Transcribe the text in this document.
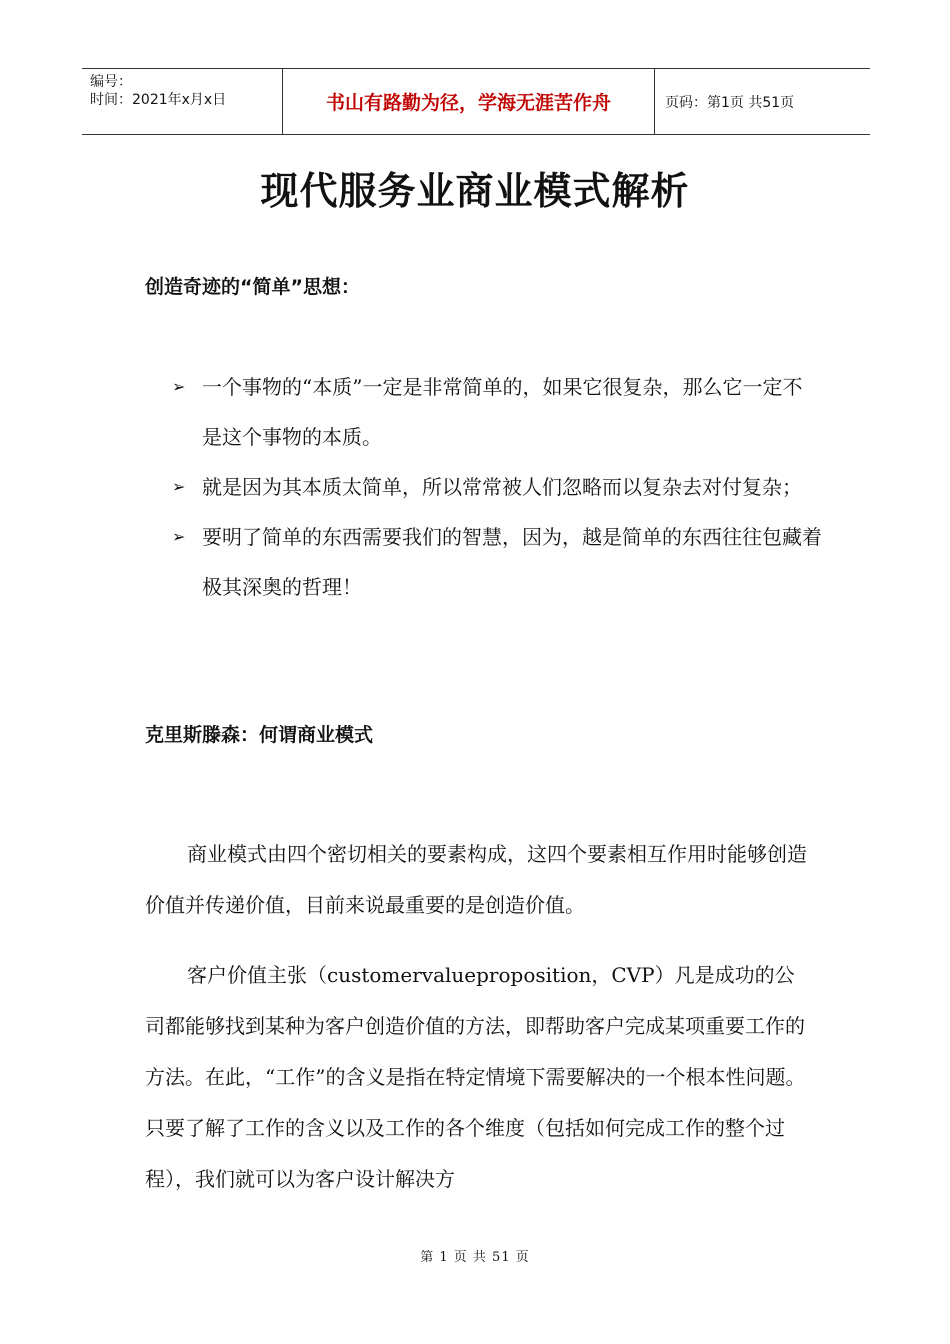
编号：
时间：2021年x月x日	书山有路勤为径，学海无涯苦作舟	页码：第1页 共51页
现代服务业商业模式解析
创造奇迹的“简单”思想：
➢ 一个事物的“本质”一定是非常简单的，如果它很复杂，那么它一定不是这个事物的本质。
➢ 就是因为其本质太简单，所以常常被人们忽略而以复杂去对付复杂；
➢ 要明了简单的东西需要我们的智慧，因为，越是简单的东西往往包藏着极其深奥的哲理！
克里斯滕森：何谓商业模式

商业模式由四个密切相关的要素构成，这四个要素相互作用时能够创造价值并传递价值，目前来说最重要的是创造价值。

客户价值主张（customervalueproposition，CVP）凡是成功的公司都能够找到某种为客户创造价值的方法，即帮助客户完成某项重要工作的方法。在此，“工作”的含义是指在特定情境下需要解决的一个根本性问题。只要了解了工作的含义以及工作的各个维度（包括如何完成工作的整个过程），我们就可以为客户设计解决方

第 1 页 共 51 页
